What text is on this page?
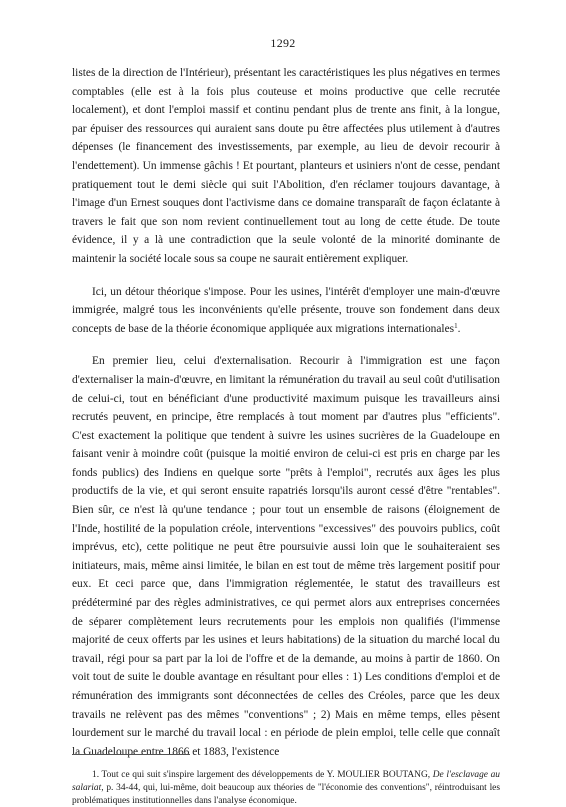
1292

listes de la direction de l'Intérieur), présentant les caractéristiques les plus négatives en termes comptables (elle est à la fois plus couteuse et moins productive que celle recrutée localement), et dont l'emploi massif et continu pendant plus de trente ans finit, à la longue, par épuiser des ressources qui auraient sans doute pu être affectées plus utilement à d'autres dépenses (le financement des investissements, par exemple, au lieu de devoir recourir à l'endettement). Un immense gâchis ! Et pourtant, planteurs et usiniers n'ont de cesse, pendant pratiquement tout le demi siècle qui suit l'Abolition, d'en réclamer toujours davantage, à l'image d'un Ernest souques dont l'activisme dans ce domaine transparaît de façon éclatante à travers le fait que son nom revient continuellement tout au long de cette étude. De toute évidence, il y a là une contradiction que la seule volonté de la minorité dominante de maintenir la société locale sous sa coupe ne saurait entièrement expliquer.

Ici, un détour théorique s'impose. Pour les usines, l'intérêt d'employer une main-d'œuvre immigrée, malgré tous les inconvénients qu'elle présente, trouve son fondement dans deux concepts de base de la théorie économique appliquée aux migrations internationales$^1$.

En premier lieu, celui d'externalisation. Recourir à l'immigration est une façon d'externaliser la main-d'œuvre, en limitant la rémunération du travail au seul coût d'utilisation de celui-ci, tout en bénéficiant d'une productivité maximum puisque les travailleurs ainsi recrutés peuvent, en principe, être remplacés à tout moment par d'autres plus "efficients". C'est exactement la politique que tendent à suivre les usines sucrières de la Guadeloupe en faisant venir à moindre coût (puisque la moitié environ de celui-ci est pris en charge par les fonds publics) des Indiens en quelque sorte "prêts à l'emploi", recrutés aux âges les plus productifs de la vie, et qui seront ensuite rapatriés lorsqu'ils auront cessé d'être "rentables". Bien sûr, ce n'est là qu'une tendance ; pour tout un ensemble de raisons (éloignement de l'Inde, hostilité de la population créole, interventions "excessives" des pouvoirs publics, coût imprévus, etc), cette politique ne peut être poursuivie aussi loin que le souhaiteraient ses initiateurs, mais, même ainsi limitée, le bilan en est tout de même très largement positif pour eux. Et ceci parce que, dans l'immigration réglementée, le statut des travailleurs est prédéterminé par des règles administratives, ce qui permet alors aux entreprises concernées de séparer complètement leurs recrutements pour les emplois non qualifiés (l'immense majorité de ceux offerts par les usines et leurs habitations) de la situation du marché local du travail, régi pour sa part par la loi de l'offre et de la demande, au moins à partir de 1860. On voit tout de suite le double avantage en résultant pour elles : 1) Les conditions d'emploi et de rémunération des immigrants sont déconnectées de celles des Créoles, parce que les deux travails ne relèvent pas des mêmes "conventions" ; 2) Mais en même temps, elles pèsent lourdement sur le marché du travail local : en période de plein emploi, telle celle que connaît la Guadeloupe entre 1866 et 1883, l'existence

1. Tout ce qui suit s'inspire largement des développements de Y. MOULIER BOUTANG, De l'esclavage au salariat, p. 34-44, qui, lui-même, doit beaucoup aux théories de "l'économie des conventions", réintroduisant les problématiques institutionnelles dans l'analyse économique.
